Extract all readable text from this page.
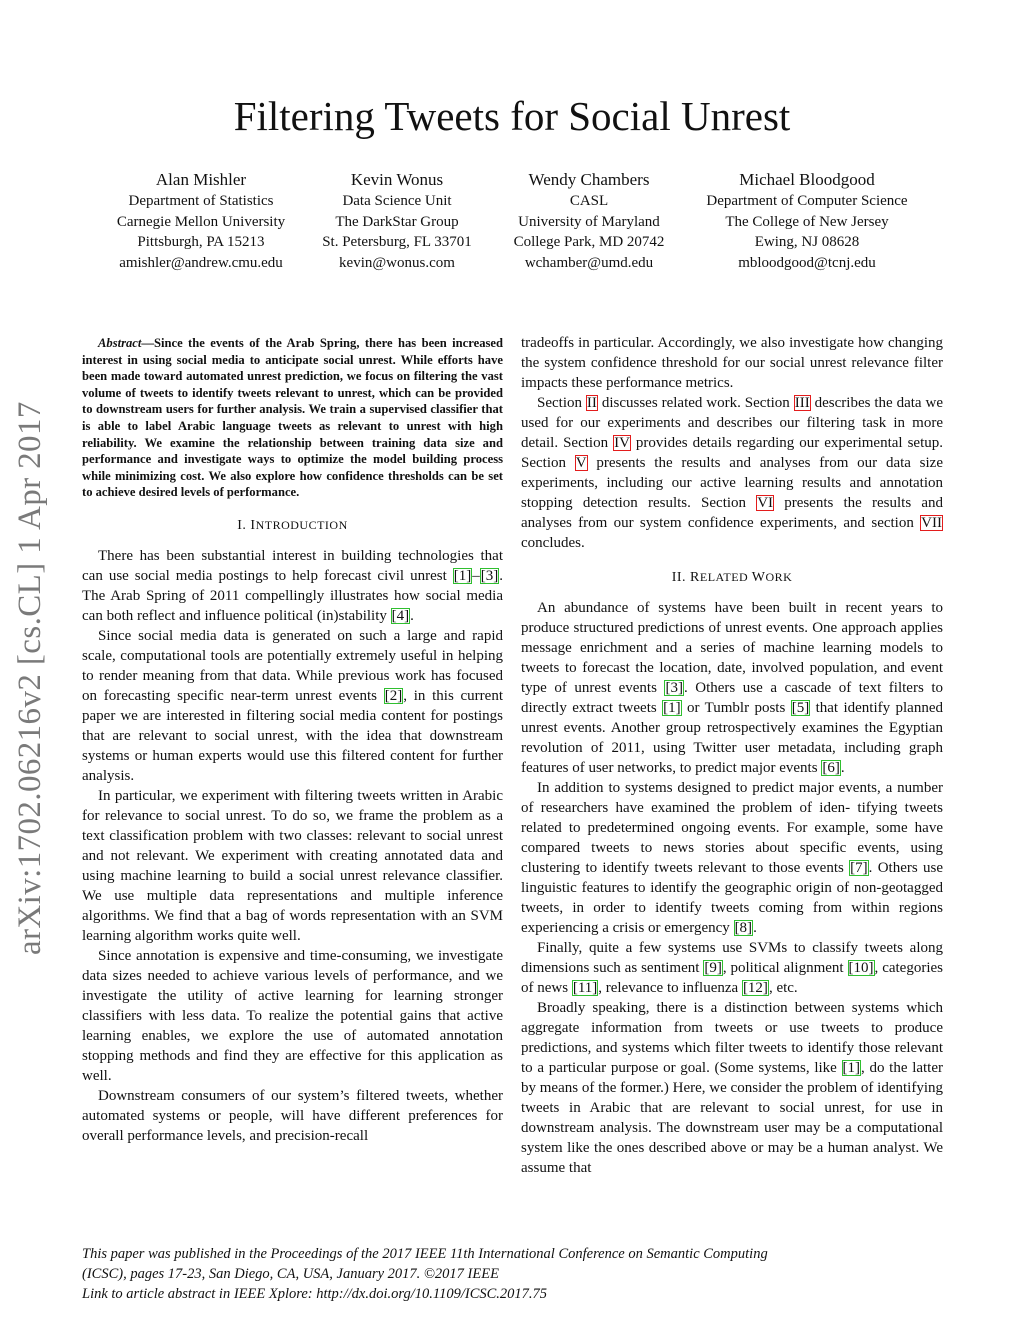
arXiv:1702.06216v2 [cs.CL] 1 Apr 2017
Filtering Tweets for Social Unrest
Alan Mishler
Department of Statistics
Carnegie Mellon University
Pittsburgh, PA 15213
amishler@andrew.cmu.edu
Kevin Wonus
Data Science Unit
The DarkStar Group
St. Petersburg, FL 33701
kevin@wonus.com
Wendy Chambers
CASL
University of Maryland
College Park, MD 20742
wchamber@umd.edu
Michael Bloodgood
Department of Computer Science
The College of New Jersey
Ewing, NJ 08628
mbloodgood@tcnj.edu

Abstract—Since the events of the Arab Spring, there has been increased interest in using social media to anticipate social unrest. While efforts have been made toward automated unrest prediction, we focus on filtering the vast volume of tweets to identify tweets relevant to unrest, which can be provided to downstream users for further analysis. We train a supervised classifier that is able to label Arabic language tweets as relevant to unrest with high reliability. We examine the relationship between training data size and performance and investigate ways to optimize the model building process while minimizing cost. We also explore how confidence thresholds can be set to achieve desired levels of performance.

I. INTRODUCTION

There has been substantial interest in building technologies that can use social media postings to help forecast civil unrest [1]–[3]. The Arab Spring of 2011 compellingly illustrates how social media can both reflect and influence political (in)stability [4].

Since social media data is generated on such a large and rapid scale, computational tools are potentially extremely useful in helping to render meaning from that data. While previous work has focused on forecasting specific near-term unrest events [2], in this current paper we are interested in filtering social media content for postings that are relevant to social unrest, with the idea that downstream systems or human experts would use this filtered content for further analysis.

In particular, we experiment with filtering tweets written in Arabic for relevance to social unrest. To do so, we frame the problem as a text classification problem with two classes: relevant to social unrest and not relevant. We experiment with creating annotated data and using machine learning to build a social unrest relevance classifier. We use multiple data representations and multiple inference algorithms. We find that a bag of words representation with an SVM learning algorithm works quite well.

Since annotation is expensive and time-consuming, we investigate data sizes needed to achieve various levels of performance, and we investigate the utility of active learning for learning stronger classifiers with less data. To realize the potential gains that active learning enables, we explore the use of automated annotation stopping methods and find they are effective for this application as well.

Downstream consumers of our system’s filtered tweets, whether automated systems or people, will have different preferences for overall performance levels, and precision-recall

tradeoffs in particular. Accordingly, we also investigate how changing the system confidence threshold for our social unrest relevance filter impacts these performance metrics.

Section II discusses related work. Section III describes the data we used for our experiments and describes our filtering task in more detail. Section IV provides details regarding our experimental setup. Section V presents the results and analyses from our data size experiments, including our active learning results and annotation stopping detection results. Section VI presents the results and analyses from our system confidence experiments, and section VII concludes.

II. RELATED WORK

An abundance of systems have been built in recent years to produce structured predictions of unrest events. One approach applies message enrichment and a series of machine learning models to tweets to forecast the location, date, involved population, and event type of unrest events [3]. Others use a cascade of text filters to directly extract tweets [1] or Tumblr posts [5] that identify planned unrest events. Another group retrospectively examines the Egyptian revolution of 2011, using Twitter user metadata, including graph features of user networks, to predict major events [6].

In addition to systems designed to predict major events, a number of researchers have examined the problem of iden- tifying tweets related to predetermined ongoing events. For example, some have compared tweets to news stories about specific events, using clustering to identify tweets relevant to those events [7]. Others use linguistic features to identify the geographic origin of non-geotagged tweets, in order to identify tweets coming from within regions experiencing a crisis or emergency [8].

Finally, quite a few systems use SVMs to classify tweets along dimensions such as sentiment [9], political alignment [10], categories of news [11], relevance to influenza [12], etc.

Broadly speaking, there is a distinction between systems which aggregate information from tweets or use tweets to produce predictions, and systems which filter tweets to identify those relevant to a particular purpose or goal. (Some systems, like [1], do the latter by means of the former.) Here, we consider the problem of identifying tweets in Arabic that are relevant to social unrest, for use in downstream analysis. The downstream user may be a computational system like the ones described above or may be a human analyst. We assume that

This paper was published in the Proceedings of the 2017 IEEE 11th International Conference on Semantic Computing
(ICSC), pages 17-23, San Diego, CA, USA, January 2017. ©2017 IEEE
Link to article abstract in IEEE Xplore: http://dx.doi.org/10.1109/ICSC.2017.75
